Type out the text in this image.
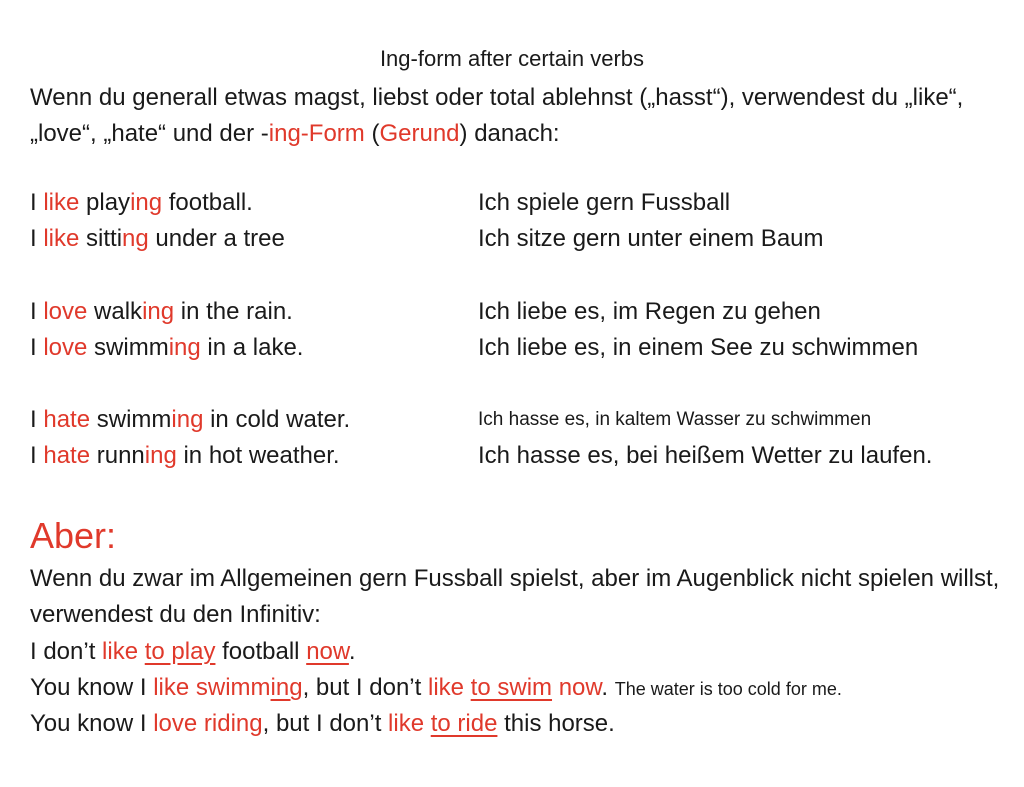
Ing-form after certain verbs
Wenn du generall etwas magst, liebst oder total ablehnst („hasst“), verwendest du „like“, „love“, „hate“ und der -ing-Form (Gerund) danach:
I like playing football.	Ich spiele gern Fussball
I like sitting under a tree	Ich sitze gern unter einem Baum
I love walking in the rain.	Ich liebe es, im Regen zu gehen
I love swimming in a lake.	Ich liebe es, in einem See zu schwimmen
I hate swimming in cold water.	Ich hasse es, in kaltem Wasser zu schwimmen
I hate running in hot weather.	Ich hasse es, bei heißem Wetter zu laufen.
Aber:
Wenn du zwar im Allgemeinen gern Fussball spielst, aber im Augenblick nicht spielen willst, verwendest du den Infinitiv:
I don’t like to play football now.
You know I like swimming, but I don’t like to swim now. The water is too cold for me.
You know I love riding, but I don’t like to ride this horse.
